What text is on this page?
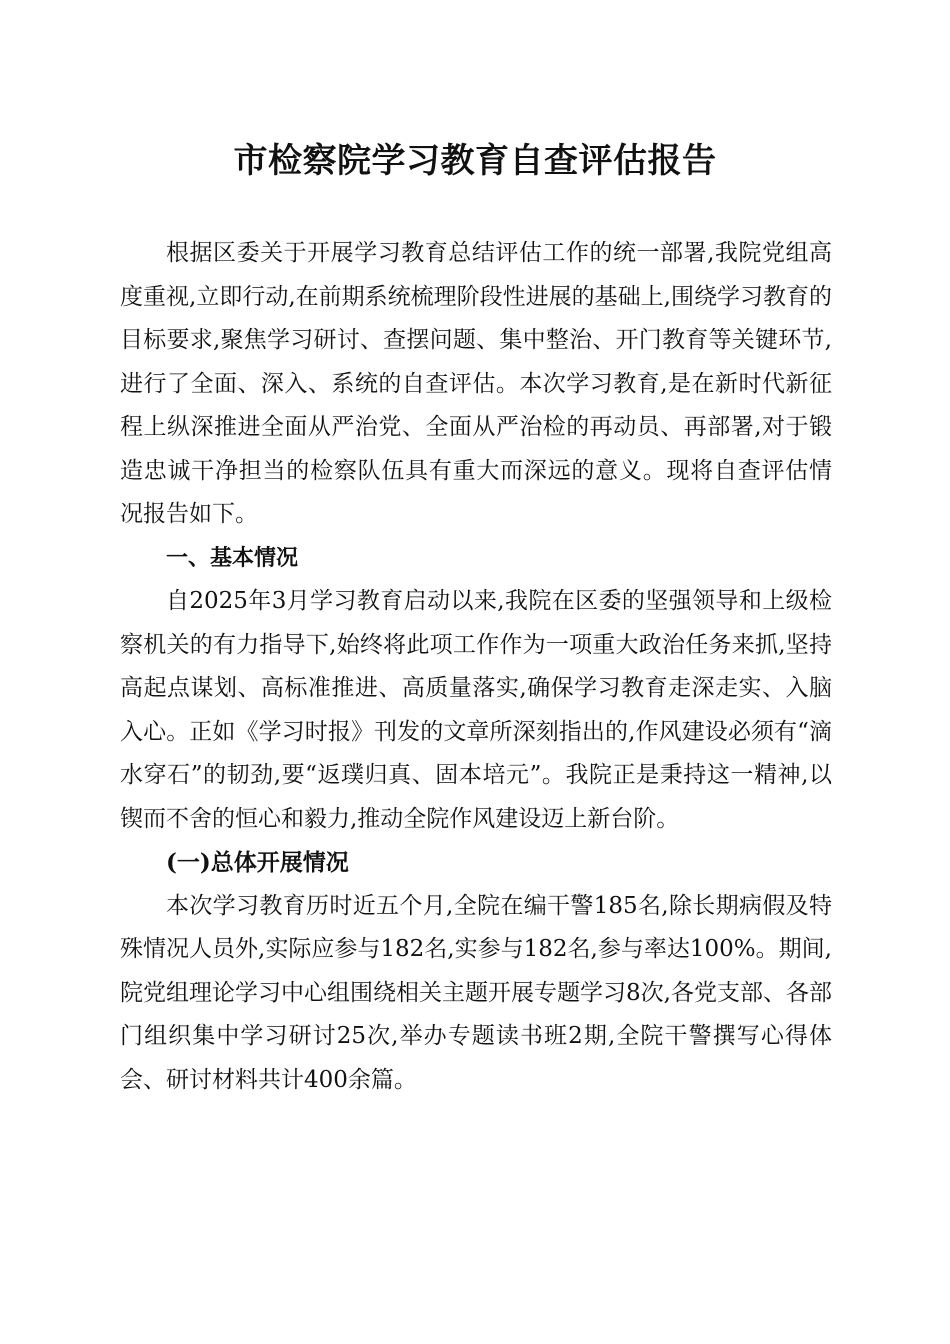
市检察院学习教育自查评估报告

根据区委关于开展学习教育总结评估工作的统一部署,我院党组高度重视,立即行动,在前期系统梳理阶段性进展的基础上,围绕学习教育的目标要求,聚焦学习研讨、查摆问题、集中整治、开门教育等关键环节,进行了全面、深入、系统的自查评估。本次学习教育,是在新时代新征程上纵深推进全面从严治党、全面从严治检的再动员、再部署,对于锻造忠诚干净担当的检察队伍具有重大而深远的意义。现将自查评估情况报告如下。

一、基本情况

自2025年3月学习教育启动以来,我院在区委的坚强领导和上级检察机关的有力指导下,始终将此项工作作为一项重大政治任务来抓,坚持高起点谋划、高标准推进、高质量落实,确保学习教育走深走实、入脑入心。正如《学习时报》刊发的文章所深刻指出的,作风建设必须有“滴水穿石”的韧劲,要“返璞归真、固本培元”。我院正是秉持这一精神,以锲而不舍的恒心和毅力,推动全院作风建设迈上新台阶。

(一)总体开展情况

本次学习教育历时近五个月,全院在编干警185名,除长期病假及特殊情况人员外,实际应参与182名,实参与182名,参与率达100%。期间,院党组理论学习中心组围绕相关主题开展专题学习8次,各党支部、各部门组织集中学习研讨25次,举办专题读书班2期,全院干警撰写心得体会、研讨材料共计400余篇。
